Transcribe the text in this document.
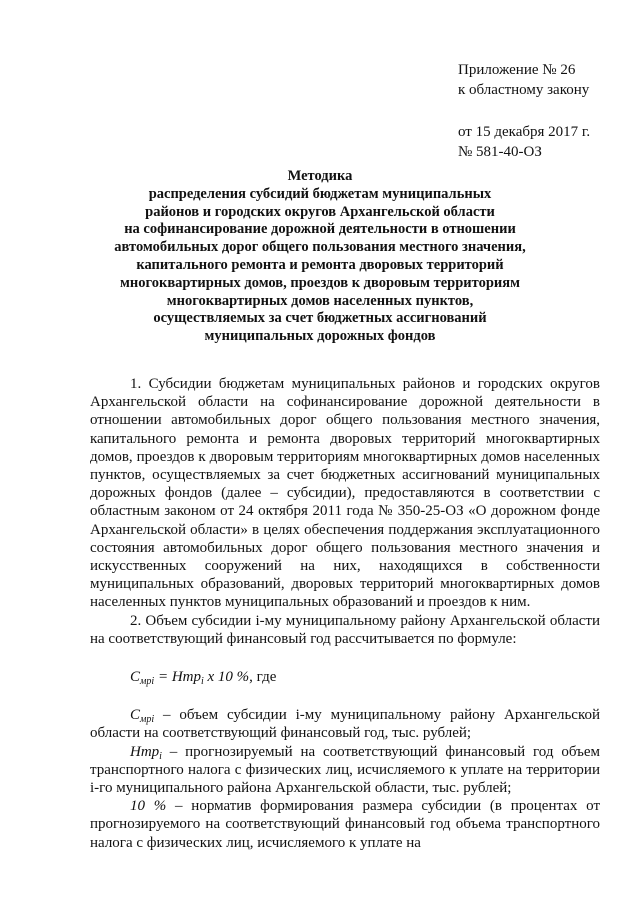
Приложение № 26
к областному закону
от 15 декабря 2017 г.
№ 581-40-ОЗ
Методика
распределения субсидий бюджетам муниципальных
районов и городских округов Архангельской области
на софинансирование дорожной деятельности в отношении
автомобильных дорог общего пользования местного значения,
капитального ремонта и ремонта дворовых территорий
многоквартирных домов, проездов к дворовым территориям
многоквартирных домов населенных пунктов,
осуществляемых за счет бюджетных ассигнований
муниципальных дорожных фондов

1. Субсидии бюджетам муниципальных районов и городских округов Архангельской области на софинансирование дорожной деятельности в отношении автомобильных дорог общего пользования местного значения, капитального ремонта и ремонта дворовых территорий многоквартирных домов, проездов к дворовым территориям многоквартирных домов населенных пунктов, осуществляемых за счет бюджетных ассигнований муниципальных дорожных фондов (далее – субсидии), предоставляются в соответствии с областным законом от 24 октября 2011 года № 350-25-ОЗ «О дорожном фонде Архангельской области» в целях обеспечения поддержания эксплуатационного состояния автомобильных дорог общего пользования местного значения и искусственных сооружений на них, находящихся в собственности муниципальных образований, дворовых территорий многоквартирных домов населенных пунктов муниципальных образований и проездов к ним.

2. Объем субсидии i-му муниципальному району Архангельской области на соответствующий финансовый год рассчитывается по формуле:

$С_{мрi} = Нтр_i$ х 10 %, где

$С_{мрi}$ – объем субсидии i-му муниципальному району Архангельской области на соответствующий финансовый год, тыс. рублей;

Нтр$_i$ – прогнозируемый на соответствующий финансовый год объем транспортного налога с физических лиц, исчисляемого к уплате на территории i-го муниципального района Архангельской области, тыс. рублей;

10 % – норматив формирования размера субсидии (в процентах от прогнозируемого на соответствующий финансовый год объема транспортного налога с физических лиц, исчисляемого к уплате на
